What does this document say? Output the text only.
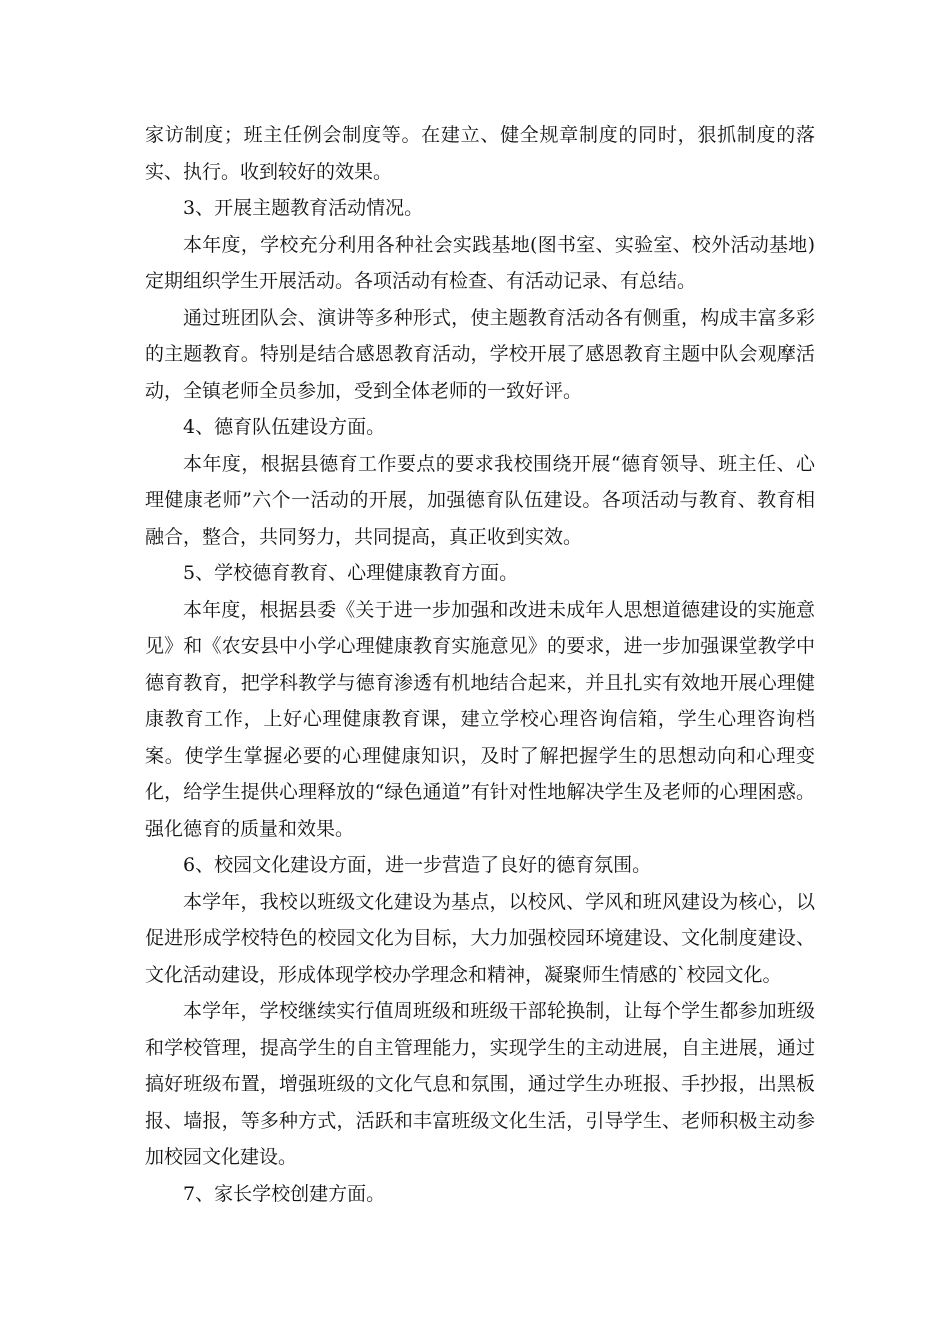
家访制度；班主任例会制度等。在建立、健全规章制度的同时，狠抓制度的落实、执行。收到较好的效果。

3、开展主题教育活动情况。

本年度，学校充分利用各种社会实践基地(图书室、实验室、校外活动基地)定期组织学生开展活动。各项活动有检查、有活动记录、有总结。

通过班团队会、演讲等多种形式，使主题教育活动各有侧重，构成丰富多彩的主题教育。特别是结合感恩教育活动，学校开展了感恩教育主题中队会观摩活动，全镇老师全员参加，受到全体老师的一致好评。

4、德育队伍建设方面。

本年度，根据县德育工作要点的要求我校围绕开展“德育领导、班主任、心理健康老师”六个一活动的开展，加强德育队伍建设。各项活动与教育、教育相融合，整合，共同努力，共同提高，真正收到实效。

5、学校德育教育、心理健康教育方面。

本年度，根据县委《关于进一步加强和改进未成年人思想道德建设的实施意见》和《农安县中小学心理健康教育实施意见》的要求，进一步加强课堂教学中德育教育，把学科教学与德育渗透有机地结合起来，并且扎实有效地开展心理健康教育工作，上好心理健康教育课，建立学校心理咨询信箱，学生心理咨询档案。使学生掌握必要的心理健康知识，及时了解把握学生的思想动向和心理变化，给学生提供心理释放的“绿色通道”有针对性地解决学生及老师的心理困惑。强化德育的质量和效果。

6、校园文化建设方面，进一步营造了良好的德育氛围。

本学年，我校以班级文化建设为基点，以校风、学风和班风建设为核心，以促进形成学校特色的校园文化为目标，大力加强校园环境建设、文化制度建设、文化活动建设，形成体现学校办学理念和精神，凝聚师生情感的`校园文化。

本学年，学校继续实行值周班级和班级干部轮换制，让每个学生都参加班级和学校管理，提高学生的自主管理能力，实现学生的主动进展，自主进展，通过搞好班级布置，增强班级的文化气息和氛围，通过学生办班报、手抄报，出黑板报、墙报，等多种方式，活跃和丰富班级文化生活，引导学生、老师积极主动参加校园文化建设。

7、家长学校创建方面。
